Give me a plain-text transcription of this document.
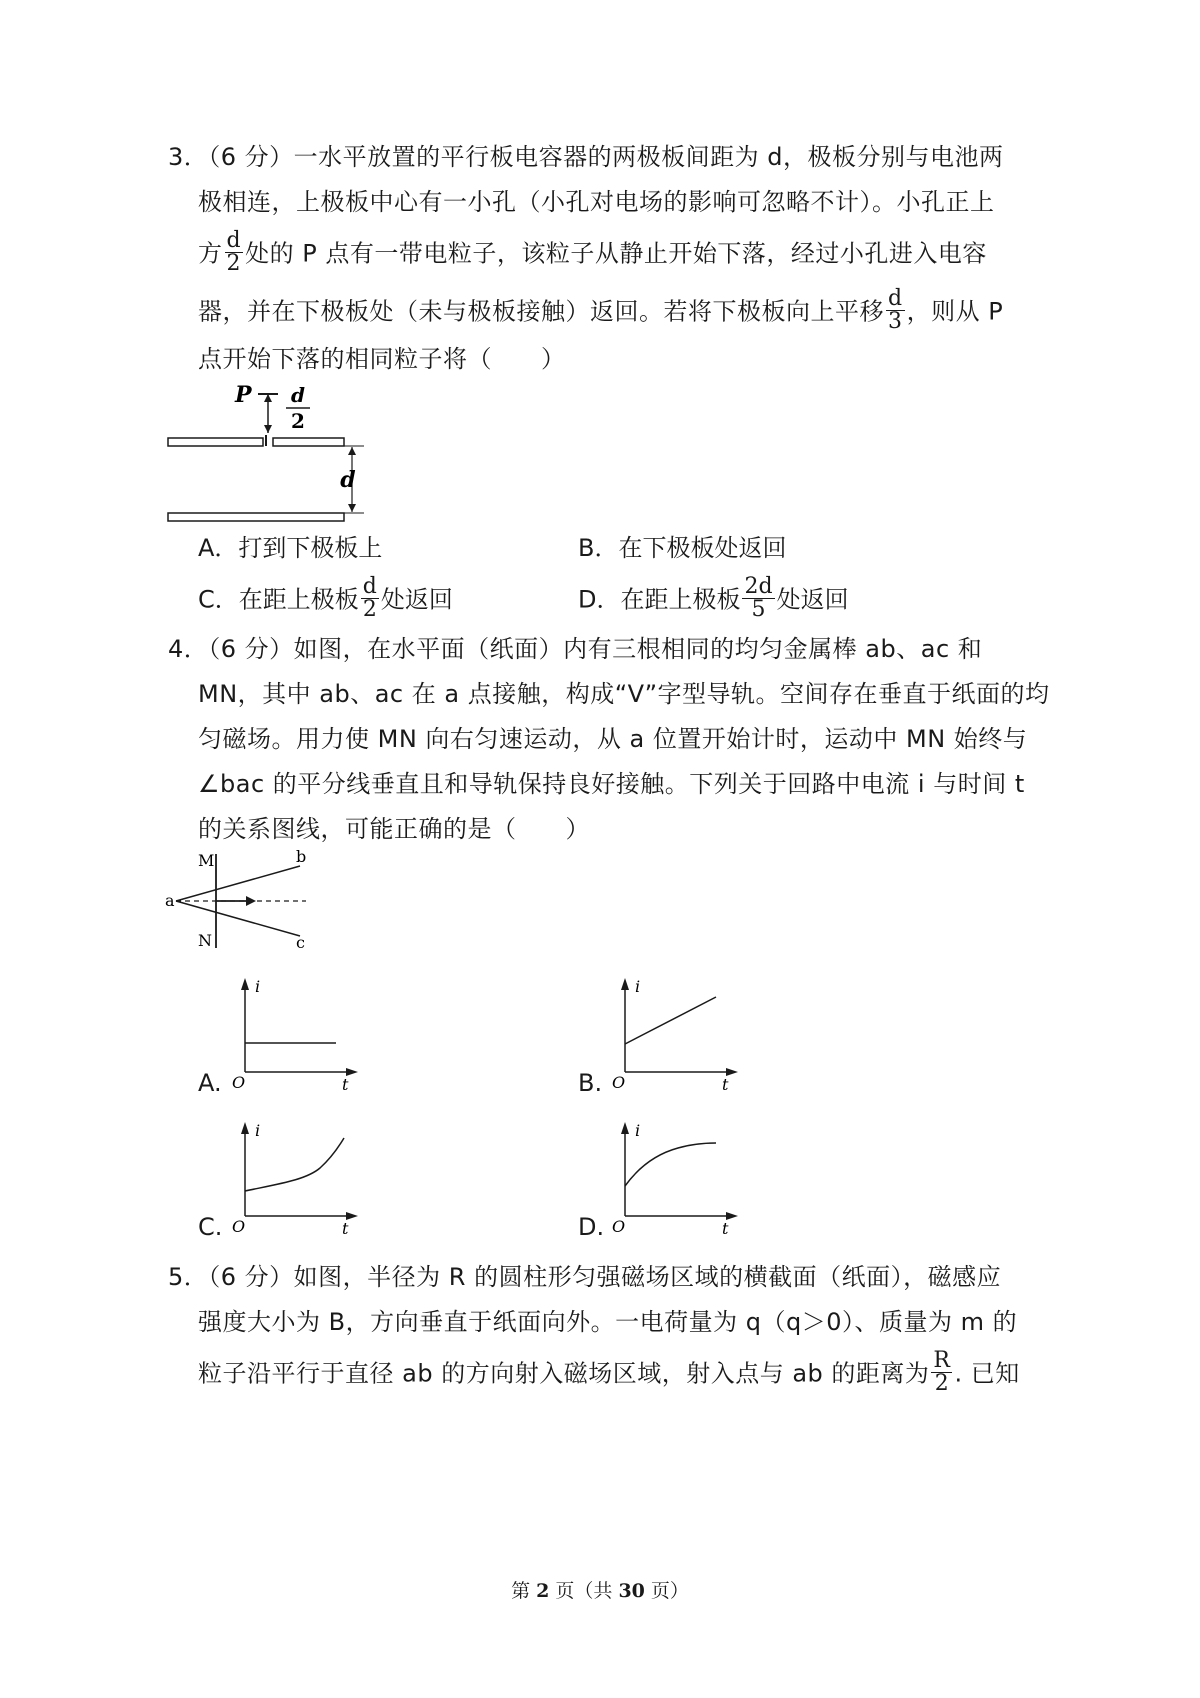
3．（6 分）一水平放置的平行板电容器的两极板间距为 d，极板分别与电池两
极相连，上极板中心有一小孔（小孔对电场的影响可忽略不计）。小孔正上
方 $\frac{d}{2}$ 处的 P 点有一带电粒子，该粒子从静止开始下落，经过小孔进入电容
器，并在下极板处（未与极板接触）返回。若将下极板向上平移 $\frac{d}{3}$ ，则从 P
点开始下落的相同粒子将（　　）
P d
2
d
A．打到下极板上	B．在下极板处返回
C．在距上极板 $\frac{d}{2}$ 处返回	D．在距上极板 $\frac{2d}{5}$ 处返回
4．（6 分）如图，在水平面（纸面）内有三根相同的均匀金属棒 ab、ac 和
MN，其中 ab、ac 在 a 点接触，构成“V”字型导轨。空间存在垂直于纸面的均
匀磁场。用力使 MN 向右匀速运动，从 a 位置开始计时，运动中 MN 始终与
∠bac 的平分线垂直且和导轨保持良好接触。下列关于回路中电流 i 与时间 t
的关系图线，可能正确的是（　　）
M
N
a
b
c
A.
i
t
O	B.
i
t
O
C.
i
t
O	D.
i
t
O
5．（6 分）如图，半径为 R 的圆柱形匀强磁场区域的横截面（纸面），磁感应
强度大小为 B，方向垂直于纸面向外。一电荷量为 q（q＞0）、质量为 m 的
粒子沿平行于直径 ab 的方向射入磁场区域，射入点与 ab 的距离为 $\frac{R}{2}$ . 已知
第 2 页（共 30 页）
